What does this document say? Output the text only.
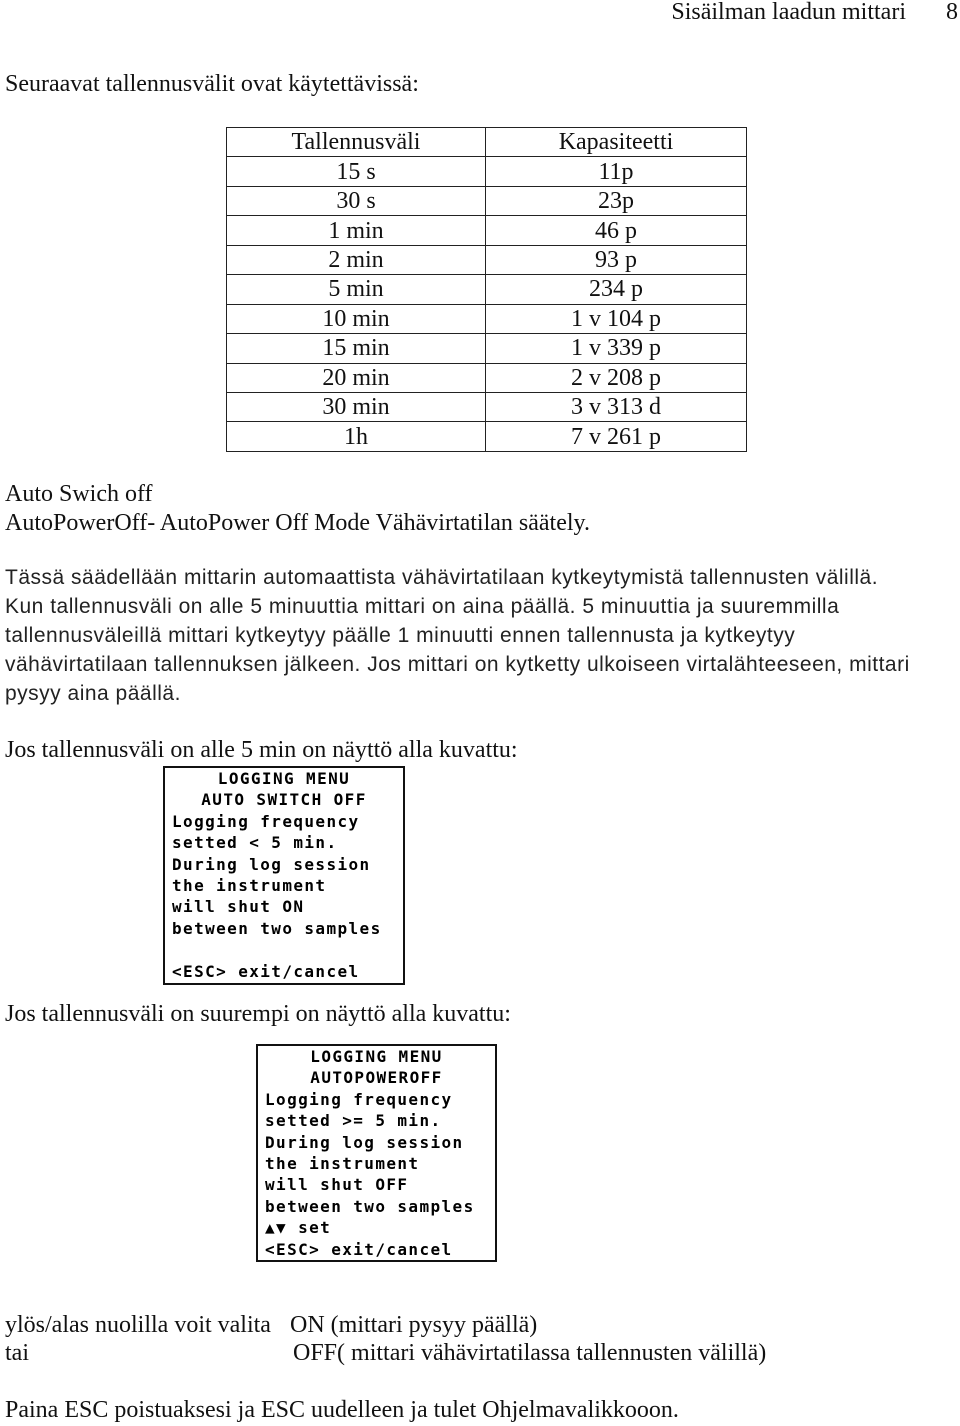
Sisäilman laadun mittari 8
Seuraavat tallennusvälit ovat käytettävissä:
Tallennusväli	Kapasiteetti
15 s	11p
30 s	23p
1 min	46 p
2 min	93 p
5 min	234 p
10 min	1 v 104 p
15 min	1 v 339 p
20 min	2 v 208 p
30 min	3 v 313 d
1h	7 v 261 p
Auto Swich off
AutoPowerOff- AutoPower Off Mode Vähävirtatilan säätely.
Tässä säädellään mittarin automaattista vähävirtatilaan kytkeytymistä tallennusten välillä.
Kun tallennusväli on alle 5 minuuttia mittari on aina päällä. 5 minuuttia ja suuremmilla
tallennusväleillä mittari kytkeytyy päälle 1 minuutti ennen tallennusta ja kytkeytyy
vähävirtatilaan tallennuksen jälkeen. Jos mittari on kytketty ulkoiseen virtalähteeseen, mittari
pysyy aina päällä.
Jos tallennusväli on alle 5 min on näyttö alla kuvattu:
LOGGING MENU
AUTO SWITCH OFF
Logging frequency
setted < 5 min.
During log session
the instrument
will shut ON
between two samples
<ESC> exit/cancel
Jos tallennusväli on suurempi on näyttö alla kuvattu:
LOGGING MENU
AUTOPOWEROFF
Logging frequency
setted >= 5 min.
During log session
the instrument
will shut OFF
between two samples
▲▼ set
<ESC> exit/cancel
ylös/alas nuolilla voit valita ON (mittari pysyy päällä)
tai	OFF( mittari vähävirtatilassa tallennusten välillä)
Paina ESC poistuaksesi ja ESC uudelleen ja tulet Ohjelmavalikkooon.
